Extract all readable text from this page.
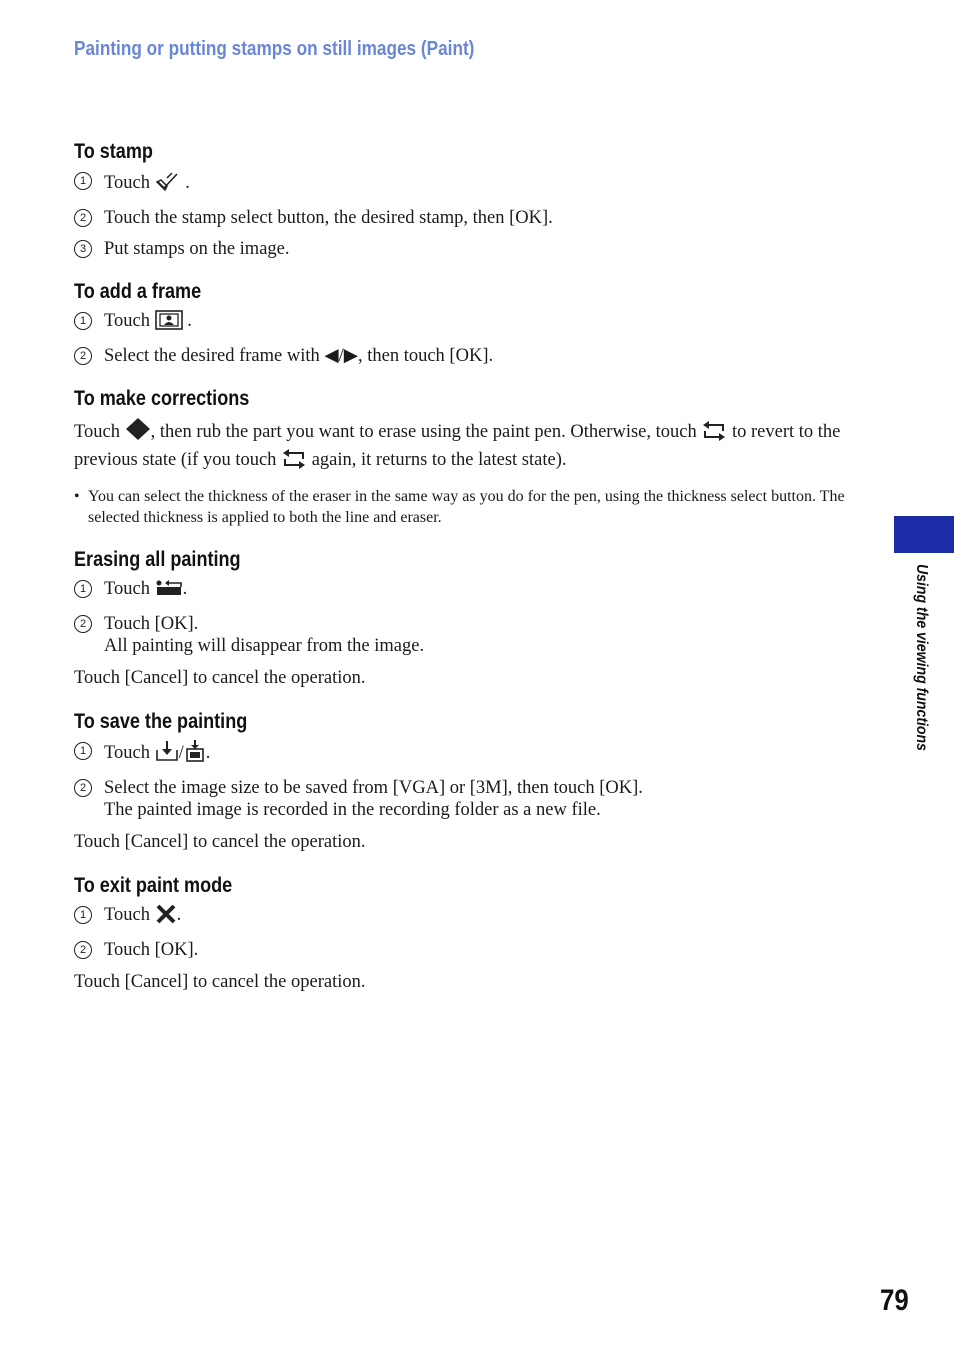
Painting or putting stamps on still images (Paint)
To stamp
1 Touch .
2 Touch the stamp select button, the desired stamp, then [OK].
3 Put stamps on the image.
To add a frame
1 Touch .
2 Select the desired frame with ◀/▶, then touch [OK].
To make corrections
Touch , then rub the part you want to erase using the paint pen. Otherwise, touch to revert to the previous state (if you touch again, it returns to the latest state).
• You can select the thickness of the eraser in the same way as you do for the pen, using the thickness select button. The selected thickness is applied to both the line and eraser.
Erasing all painting
1 Touch .
2 Touch [OK].
All painting will disappear from the image.
Touch [Cancel] to cancel the operation.
To save the painting
1 Touch / .
2 Select the image size to be saved from [VGA] or [3M], then touch [OK].
The painted image is recorded in the recording folder as a new file.
Touch [Cancel] to cancel the operation.
To exit paint mode
1 Touch .
2 Touch [OK].
Touch [Cancel] to cancel the operation.
Using the viewing functions
79
